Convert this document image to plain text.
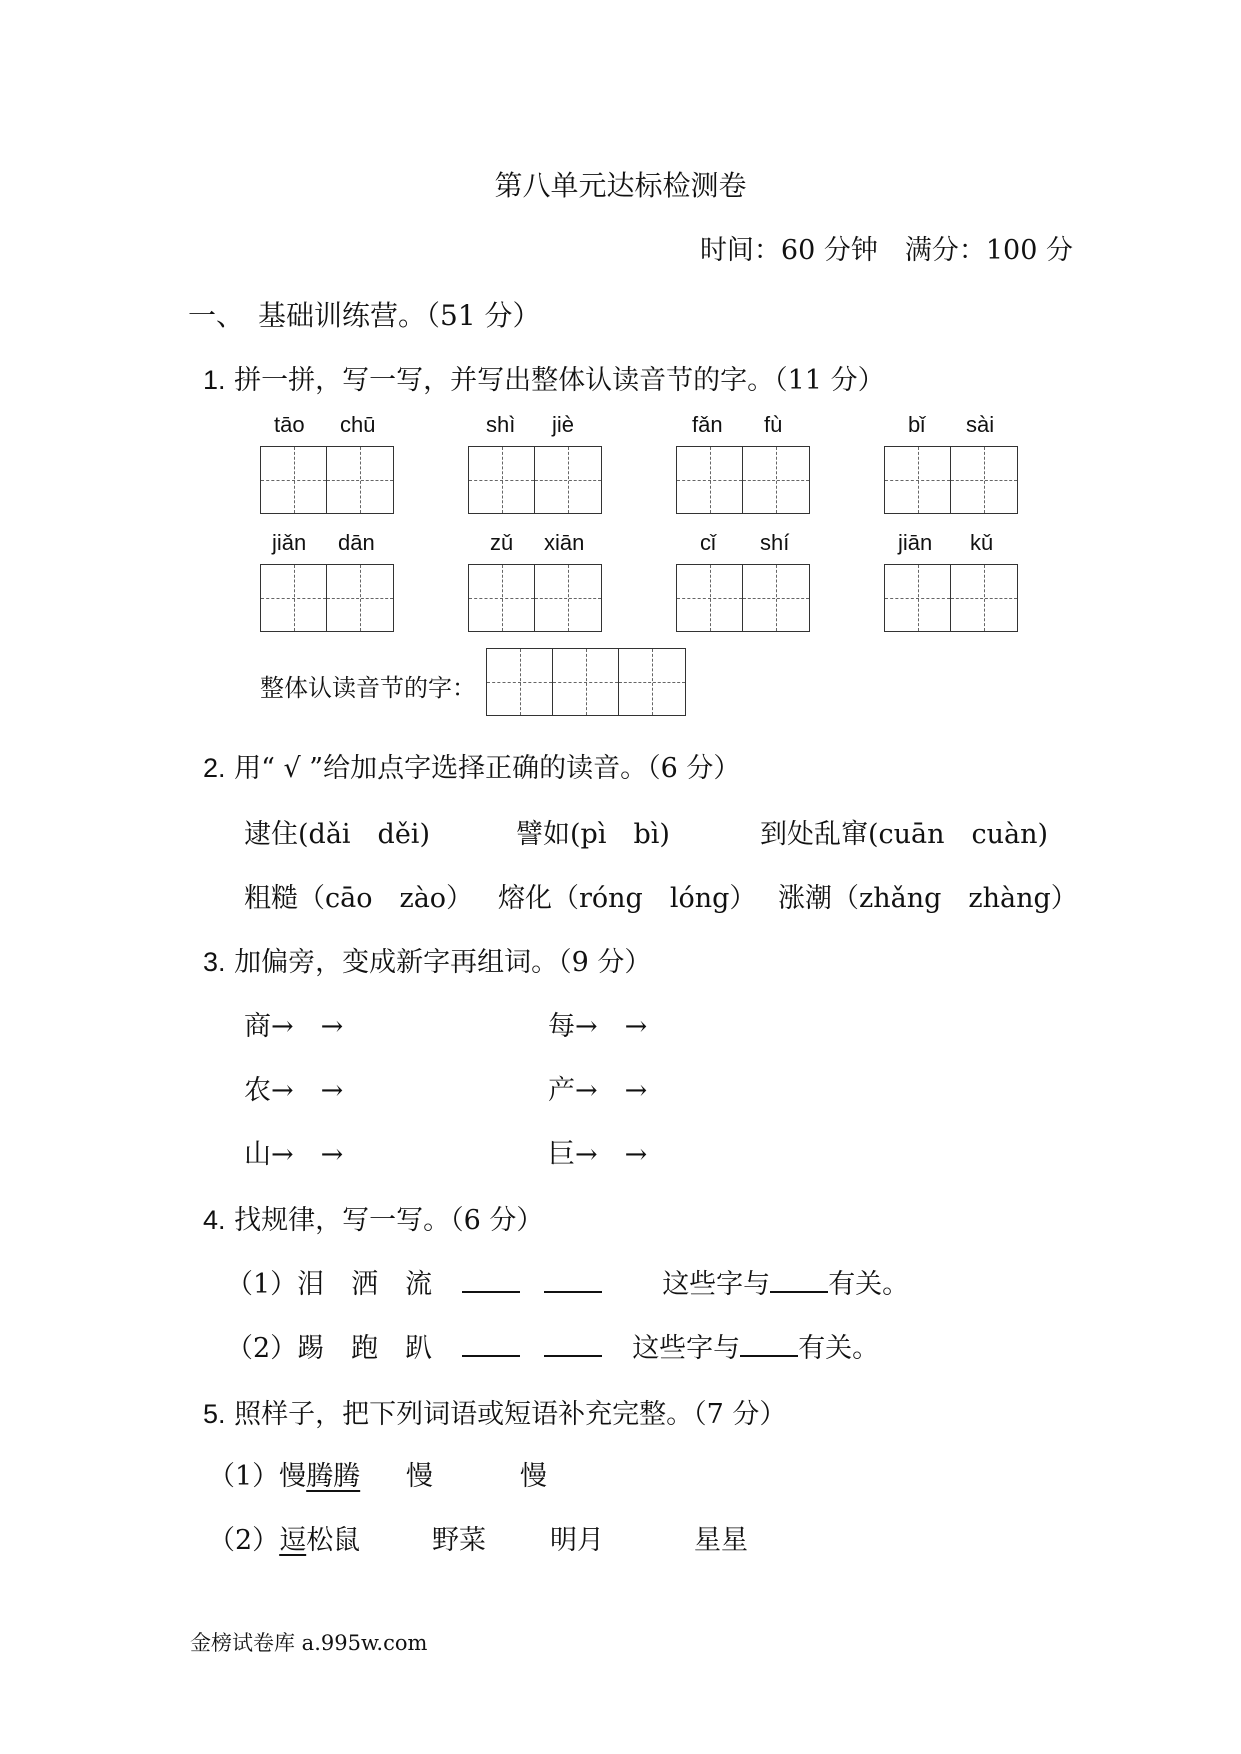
第八单元达标检测卷
时间：60 分钟　满分：100 分
一、　基础训练营。（51 分）
1. 拼一拼，写一写，并写出整体认读音节的字。（11 分）
tāo chū	shì jiè	fǎn fù	bǐ sài
jiǎn dān	zǔ xiān	cǐ shí	jiān kǔ
整体认读音节的字：
2. 用“ √ ”给加点字选择正确的读音。（6 分）
逮住(dǎi　děi)	譬如(pì　bì)	到处乱窜(cuān　cuàn)
粗糙（cāo　zào） 熔化（róng　lóng） 涨潮（zhǎng　zhàng）
3. 加偏旁，变成新字再组词。（9 分）
商→　→	每→　→
农→　→	产→　→
山→　→	巨→　→
4. 找规律，写一写。（6 分）
（1）泪　洒　流	这些字与 有关。
（2）踢　跑　趴	这些字与 有关。
5. 照样子，把下列词语或短语补充完整。（7 分）
（1）慢腾腾 慢	慢
（2）逗松鼠	野菜 明月	星星
金榜试卷库 a.995w.com
